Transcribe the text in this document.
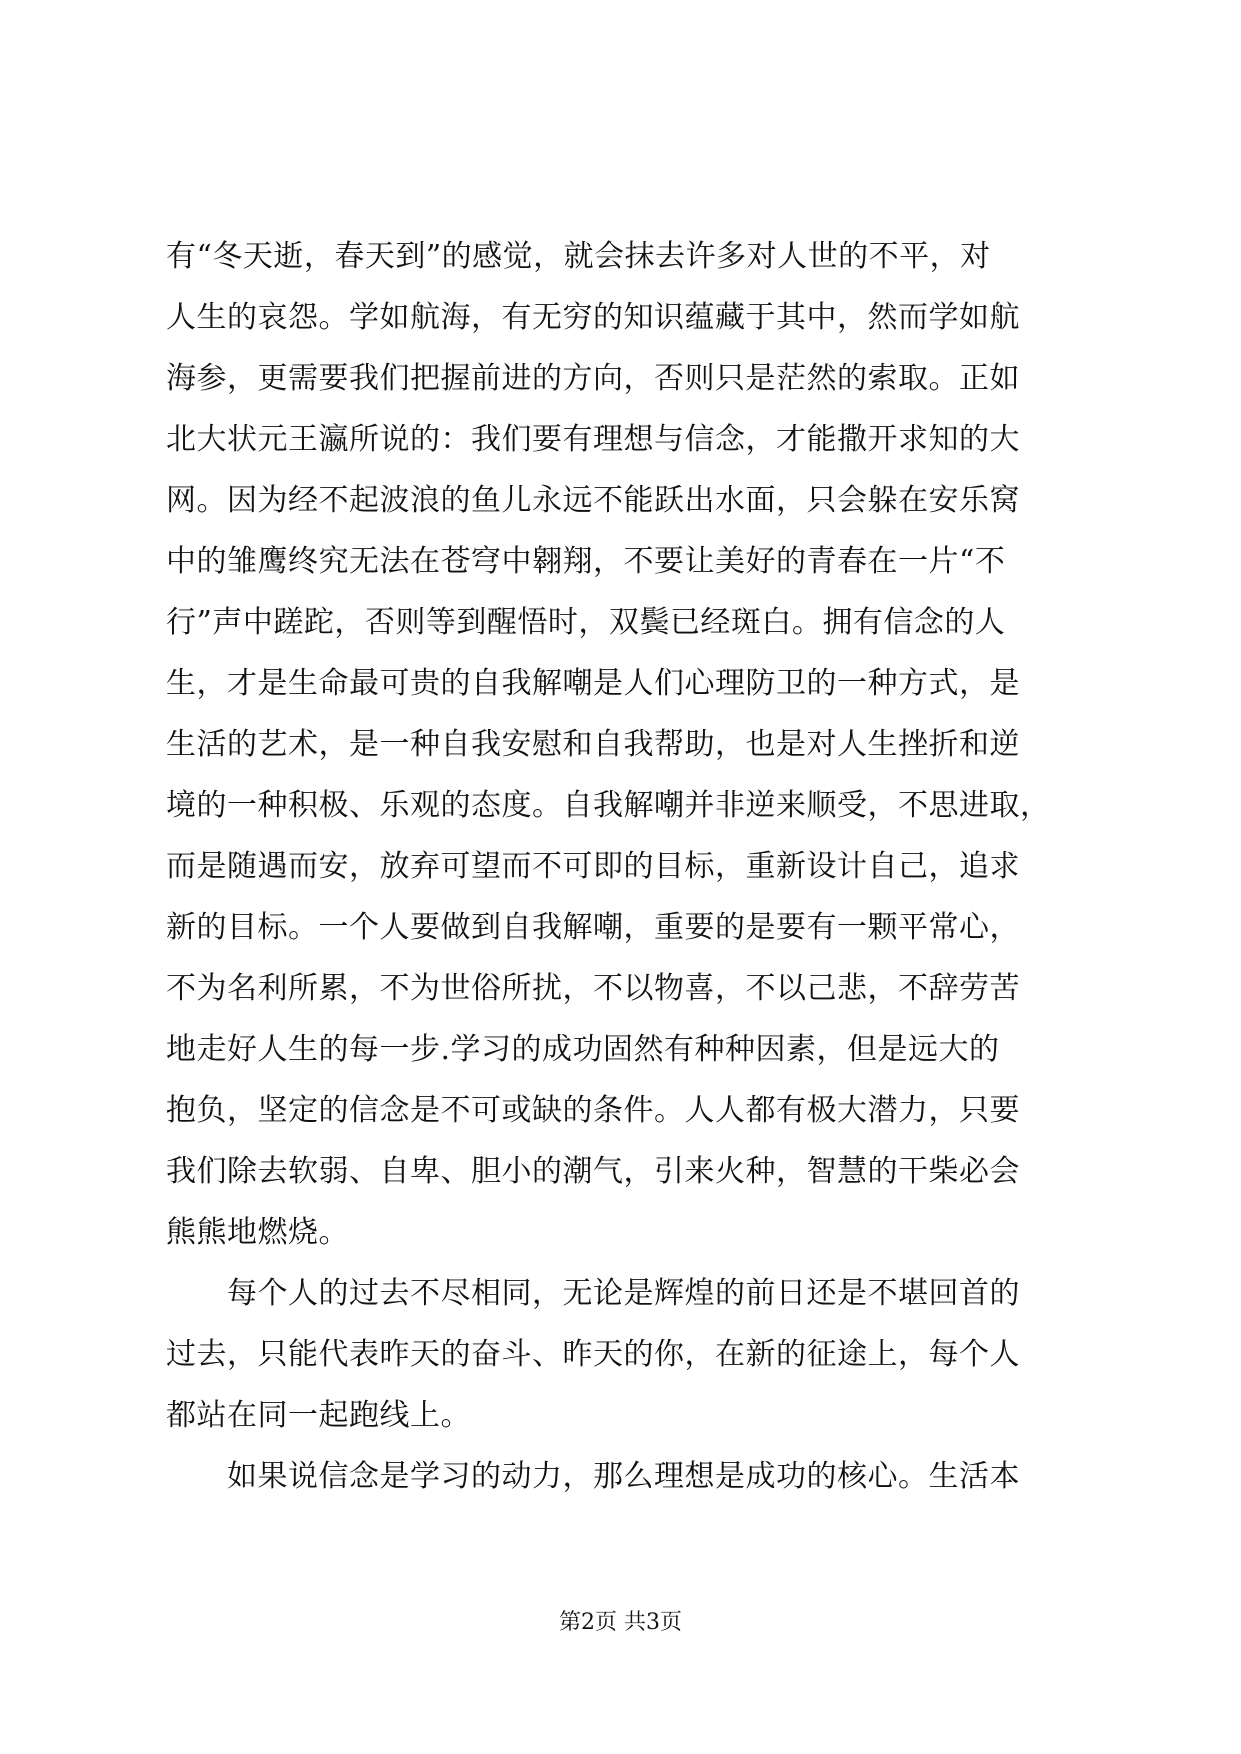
有“冬天逝，春天到”的感觉，就会抹去许多对人世的不平，对
人生的哀怨。学如航海，有无穷的知识蕴藏于其中，然而学如航
海参，更需要我们把握前进的方向，否则只是茫然的索取。正如
北大状元王瀛所说的：我们要有理想与信念，才能撒开求知的大
网。因为经不起波浪的鱼儿永远不能跃出水面，只会躲在安乐窝
中的雏鹰终究无法在苍穹中翱翔，不要让美好的青春在一片“不
行”声中蹉跎，否则等到醒悟时，双鬓已经斑白。拥有信念的人
生，才是生命最可贵的自我解嘲是人们心理防卫的一种方式，是
生活的艺术，是一种自我安慰和自我帮助，也是对人生挫折和逆
境的一种积极、乐观的态度。自我解嘲并非逆来顺受，不思进取，
而是随遇而安，放弃可望而不可即的目标，重新设计自己，追求
新的目标。一个人要做到自我解嘲，重要的是要有一颗平常心，
不为名利所累，不为世俗所扰，不以物喜，不以己悲，不辞劳苦
地走好人生的每一步.学习的成功固然有种种因素，但是远大的
抱负，坚定的信念是不可或缺的条件。人人都有极大潜力，只要
我们除去软弱、自卑、胆小的潮气，引来火种，智慧的干柴必会
熊熊地燃烧。
　　每个人的过去不尽相同，无论是辉煌的前日还是不堪回首的
过去，只能代表昨天的奋斗、昨天的你，在新的征途上，每个人
都站在同一起跑线上。
　　如果说信念是学习的动力，那么理想是成功的核心。生活本
第2页 共3页
